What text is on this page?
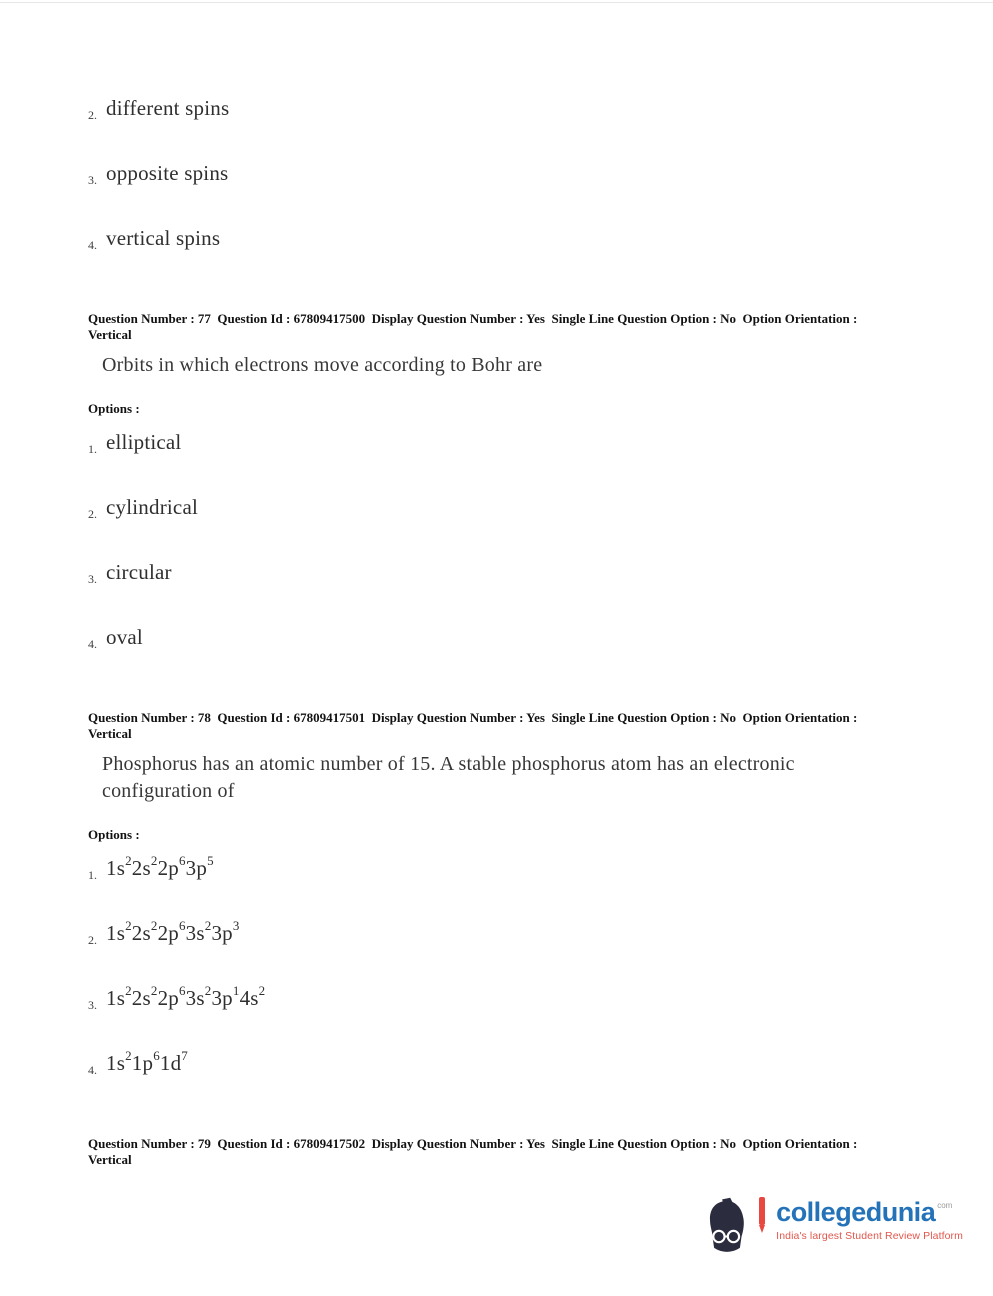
2. different spins
3. opposite spins
4. vertical spins
Question Number : 77  Question Id : 67809417500  Display Question Number : Yes  Single Line Question Option : No  Option Orientation : Vertical
Orbits in which electrons move according to Bohr are
Options :
1. elliptical
2. cylindrical
3. circular
4. oval
Question Number : 78  Question Id : 67809417501  Display Question Number : Yes  Single Line Question Option : No  Option Orientation : Vertical
Phosphorus has an atomic number of 15. A stable phosphorus atom has an electronic configuration of
Options :
1. $1s^22s^22p^63p^5$
2. $1s^22s^22p^63s^23p^3$
3. $1s^22s^22p^63s^23p^14s^2$
4. $1s^21p^61d^7$
Question Number : 79  Question Id : 67809417502  Display Question Number : Yes  Single Line Question Option : No  Option Orientation : Vertical
collegedunia com
India's largest Student Review Platform
